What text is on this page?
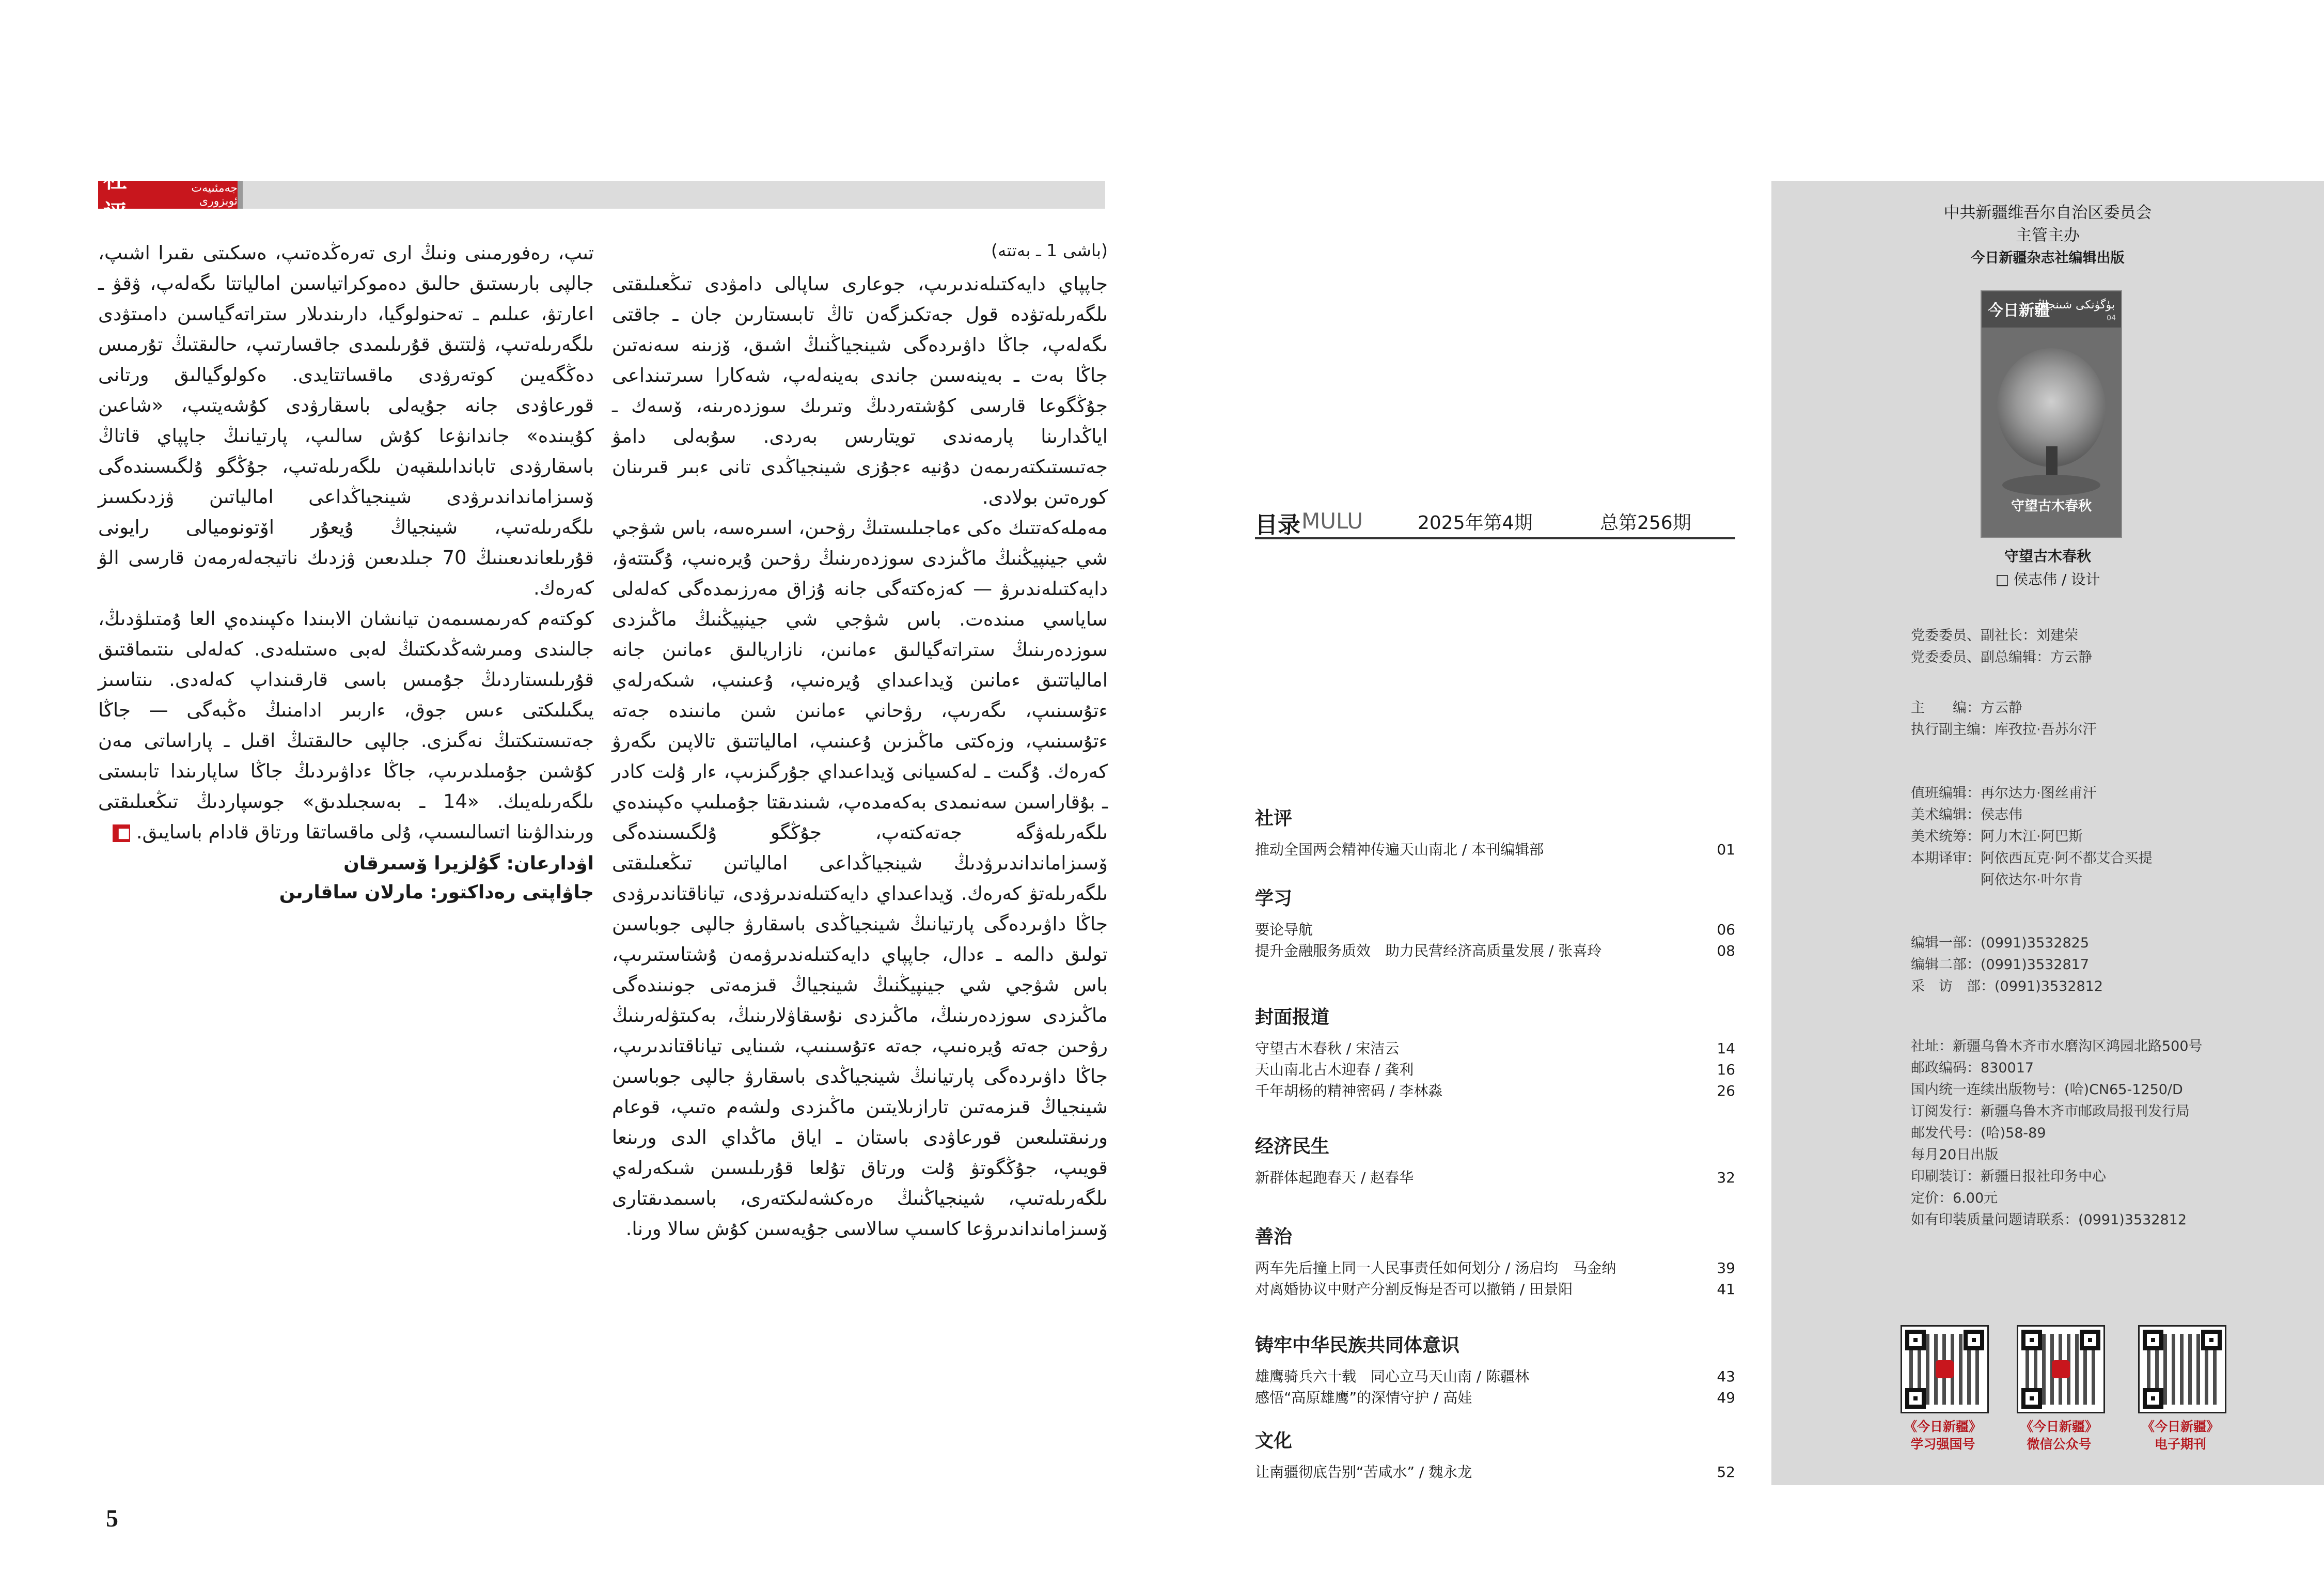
社评
جەمئىيەت ئوبزورى

تىپ، رەفورمىنى ونىڭ ارى تەرەڭدەتىپ، ەسكىتى ىقىرا اشىپ، جالپى بارىستىق حالىق دەموكراتياسىن امالياتتا ىگەلەپ، ۋقۋ ـ اعارتۋ، عىلىم ـ تەحنولوگيا، دارىندىلار ستراتەگياسىن دامىتۋدى ىلگەرىلەتىپ، ۋلتتىق قۇرىلىمدى جاقسارتىپ، حالىقتىڭ تۇرمىس دەڭگەيىن كوتەرۋدى ماقساتتايدى. ەكولوگيالىق ورتانى قورعاۋدى جانە جۇيەلى باسقارۋدى كۇشەيتىپ، «شاعىن كۇيىندە» جاندانۋعا كۇش سالىپ، پارتيانىڭ جاپپاي قاتاڭ باسقارۋدى تابانداىلىقپەن ىلگەرىلەتىپ، جۇڭگو ۇلگىسىندەگى ۆسىزامانداندىرۋدى شينجياڭداعى امالياتىن ۋزدىكسىز ىلگەرىلەتىپ، شينجياڭ ۇيعۇر اۆتونوميالى رايونى قۇرىلعاندىعىنىڭ 70 جىلدىعىن ۋزدىك ناتيجەلەرمەن قارسى الۋ كەرەك.

كوكتەم كەرىمسىمەن تيانشان الابىندا ەكپىندەي العا ۇمتىلۋدىڭ، جالىندى ومىرشەڭدىكتىڭ لەبى ەستىلەدى. كەلەلى ىنتىماقتىق قۇرىلىستاردىڭ جۇمىس باسى قارقىنداپ كەلەدى. ىنتاسىز يىگىلىكتى ءىس جوق، ءاربىر ادامنىڭ ەڭبەگى — جاڭا جەتىستىكتىڭ نەگىزى. جالپى حالىقتىڭ اقىل ـ پاراساتى مەن كۇشىن جۇمىلدىرىپ، جاڭا ءداۋىردىڭ جاڭا ساپارىندا تابىستى ىلگەرىلەيىك. «14 ـ بەسجىلدىق» جوسپاردىڭ تىڭعىلىقتى ورىندالۋىنا اتسالىسىپ، ۇلى ماقساتقا ورتاق قادام باسايىق. ■

اۋدارعان: گۇلزيرا ۆسىرقان
جاۋاپتى رەداكتور: مارلان ساقارىن
(باشى 1 ـ بەتتە)

جاپپاي دايەكتىلەندىرىپ، جوعارى ساپالى دامۋدى تىڭعىلىقتى ىلگەرىلەتۋدە قول جەتكىزگەن تاڭ تابىستارىن جان ـ جاقتى ىگەلەپ، جاڭا داۋىردەگى شينجياڭنىڭ اشىق، ۆزىنە سەنەتىن جاڭا بەت ـ بەينەسىن جاندى بەينەلەپ، شەكارا سىرتىنداعى جۇڭگوعا قارسى كۇشتەردىڭ وتىرىك سوزدەرىنە، ۆسەك ـ اياڭدارىنا پارمەندى تويتارىس بەردى. سۇبەلى دامۋ جەتىستىكتەرىمەن دۇنيە ءجۇزى شينجياڭدى تانى ءبىر قىرىنان كورەتىن بولادى.

مەملەكەتتىك ەكى ءماجىلىستىڭ رۋحىن، اسىرەسە، باس شۋجي شي جينپيڭنىڭ ماڭىزدى سوزدەرىنىڭ رۋحىن ۇيرەنىپ، ۇگىتتەۋ، دايەكتىلەندىرۋ — كەزەكتەگى جانە ۇزاق مەرزىمدەگى كەلەلى ساياسي مىندەت. باس شۋجي شي جينپيڭنىڭ ماڭىزدى سوزدەرىنىڭ ستراتەگيالىق ءمانىن، نازاريالىق ءمانىن جانە امالياتتىق ءمانىن ۆيداعىداي ۇيرەنىپ، ۇعىنىپ، شىكەرلەي ءتۇسىنىپ، ىگەرىپ، رۋحاني ءمانىن شىن مانىندە جەتە ءتۇسىنىپ، وزەكتى ماڭىزىن ۇعىنىپ، امالياتتىق تالاپىن ىگەرۋ كەرەك. ۇگىت ـ لەكسيانى ۆيداعىداي جۇرگىزىپ، ءار ۇلت كادر ـ بۇقاراسىن سەنىمدى بەكەمدەپ، شىندىقتا جۇمىلىپ ەكپىندەي ىلگەرىلەۋگە جەتەكتەپ، جۇڭگو ۇلگىسىندەگى ۆسىزامانداندىرۋدىڭ شينجياڭداعى امالياتىن تىڭعىلىقتى ىلگەرىلەتۋ كەرەك. ۆيداعىداي دايەكتىلەندىرۋدى، تياناقتاندىرۋدى جاڭا داۋىردەگى پارتيانىڭ شينجياڭدى باسقارۋ جالپى جوباسىن تولىق دالمە ـ ءدال، جاپپاي دايەكتىلەندىرۋمەن ۇشتاستىرىپ، باس شۋجي شي جينپيڭنىڭ شينجياڭ قىزمەتى جونىندەگى ماڭىزدى سوزدەرىنىڭ، ماڭىزدى نۇسقاۋلارىنىڭ، بەكىتۋلەرىنىڭ رۋحىن جەتە ۇيرەنىپ، جەتە ءتۇسىنىپ، شىنايى تياناقتاندىرىپ، جاڭا داۋىردەگى پارتيانىڭ شينجياڭدى باسقارۋ جالپى جوباسىن شينجياڭ قىزمەتىن تارازىلايتىن ماڭىزدى ولشەم ەتىپ، قوعام ورنىقتىلىعىن قورعاۋدى باستان ـ اياق ماڭداي الدى ورىنعا قويىپ، جۇڭگوتۋ ۇلت ورتاق تۇلعا قۇرىلىسىن شىكەرلەي ىلگەرىلەتىپ، شينجياڭنىڭ ەرەكشەلىكتەرى، باسىمدىقتارى ۆسىزامانداندىرۋعا كاسىپ سالاسى جۇيەسىن كۇش سالا ورنا.

5
目录 MULU	2025年第4期	总第256期
社评
推动全国两会精神传遍天山南北 / 本刊编辑部	01
学习
要论导航	06
提升金融服务质效　助力民营经济高质量发展 / 张喜玲	08
封面报道
守望古木春秋 / 宋洁云	14
天山南北古木迎春 / 龚利	16
千年胡杨的精神密码 / 李林淼	26
经济民生
新群体起跑春天 / 赵春华	32
善治
两车先后撞上同一人民事责任如何划分 / 汤启均　马金纳	39
对离婚协议中财产分割反悔是否可以撤销 / 田景阳	41
铸牢中华民族共同体意识
雄鹰骑兵六十载　同心立马天山南 / 陈疆林	43
感悟“高原雄鹰”的深情守护 / 高娃	49
文化
让南疆彻底告别“苦咸水” / 魏永龙	52
中共新疆维吾尔自治区委员会
主管主办
今日新疆杂志社编辑出版
今日新疆
بۈگۈنكى شىنجاڭ
04
守望古木春秋
守望古木春秋
□ 侯志伟 / 设计
党委委员、副社长：刘建荣
党委委员、副总编辑：方云静
主　　编：方云静
执行副主编：库孜拉·吾苏尔汗
值班编辑：再尔达力·图丝甫汗
美术编辑：侯志伟
美术统筹：阿力木江·阿巴斯
本期译审：阿依西瓦克·阿不都艾合买提
　　　　　阿依达尔·叶尔肯
编辑一部：(0991)3532825
编辑二部：(0991)3532817
采　访　部：(0991)3532812
社址：新疆乌鲁木齐市水磨沟区鸿园北路500号
邮政编码：830017
国内统一连续出版物号：(哈)CN65-1250/D
订阅发行：新疆乌鲁木齐市邮政局报刊发行局
邮发代号：(哈)58-89
每月20日出版
印刷装订：新疆日报社印务中心
定价：6.00元
如有印装质量问题请联系：(0991)3532812
《今日新疆》
学习强国号
《今日新疆》
微信公众号
《今日新疆》
电子期刊
